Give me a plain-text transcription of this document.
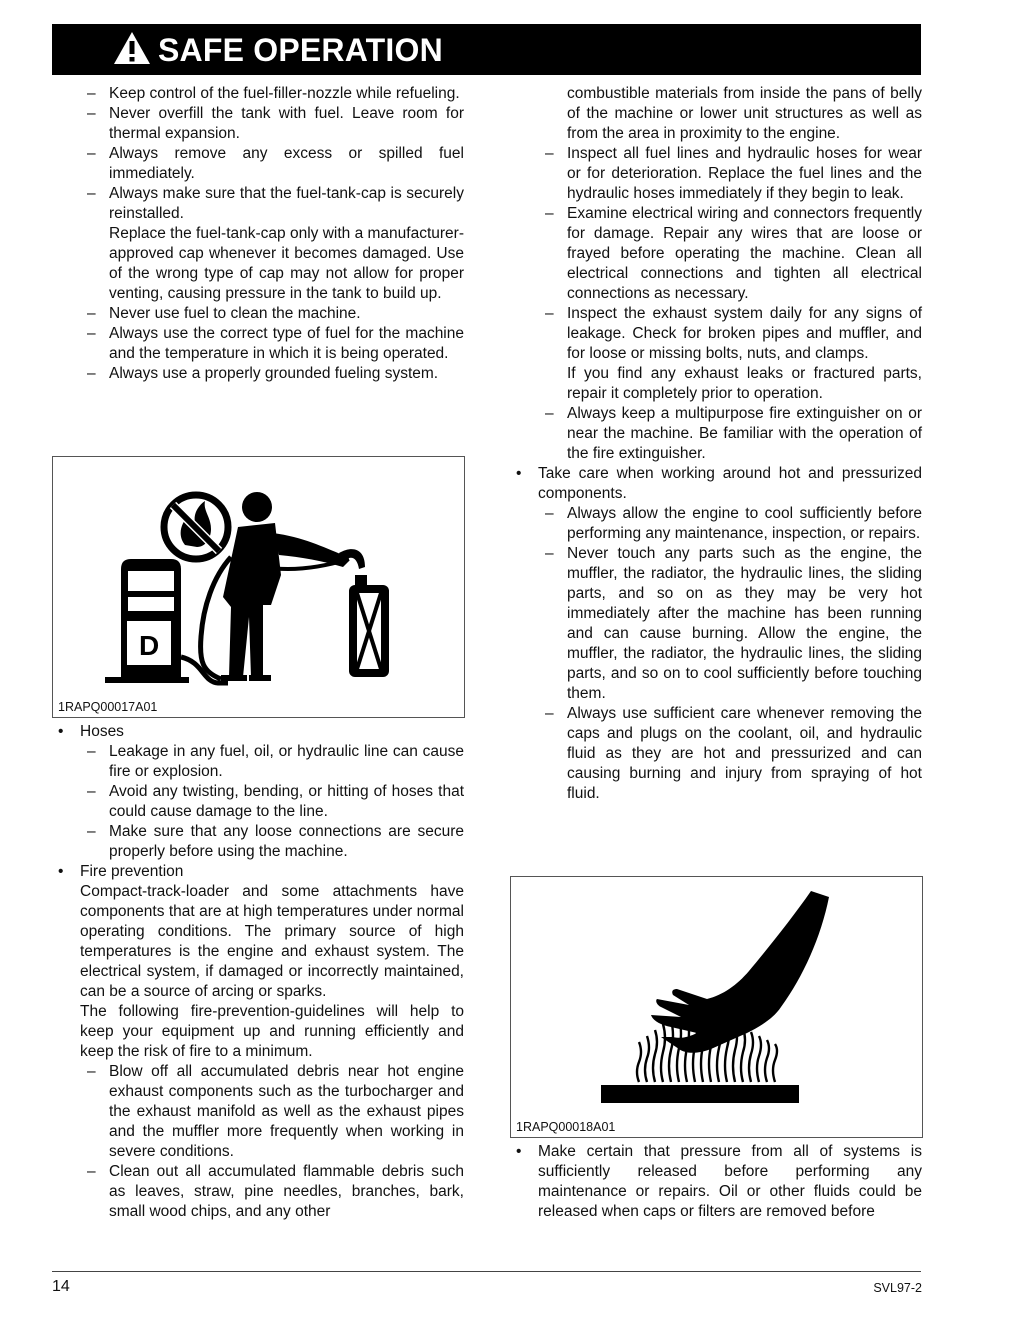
SAFE OPERATION
– Keep control of the fuel-filler-nozzle while refueling.
– Never overfill the tank with fuel. Leave room for thermal expansion.
– Always remove any excess or spilled fuel immediately.
– Always make sure that the fuel-tank-cap is securely reinstalled.
Replace the fuel-tank-cap only with a manufacturer-approved cap whenever it becomes damaged. Use of the wrong type of cap may not allow for proper venting, causing pressure in the tank to build up.
– Never use fuel to clean the machine.
– Always use the correct type of fuel for the machine and the temperature in which it is being operated.
– Always use a properly grounded fueling system.
D
1RAPQ00017A01
• Hoses
– Leakage in any fuel, oil, or hydraulic line can cause fire or explosion.
– Avoid any twisting, bending, or hitting of hoses that could cause damage to the line.
– Make sure that any loose connections are secure properly before using the machine.
• Fire prevention
Compact-track-loader and some attachments have components that are at high temperatures under normal operating conditions. The primary source of high temperatures is the engine and exhaust system. The electrical system, if damaged or incorrectly maintained, can be a source of arcing or sparks.
The following fire-prevention-guidelines will help to keep your equipment up and running efficiently and keep the risk of fire to a minimum.
– Blow off all accumulated debris near hot engine exhaust components such as the turbocharger and the exhaust manifold as well as the exhaust pipes and the muffler more frequently when working in severe conditions.
– Clean out all accumulated flammable debris such as leaves, straw, pine needles, branches, bark, small wood chips, and any other
combustible materials from inside the pans of belly of the machine or lower unit structures as well as from the area in proximity to the engine.
– Inspect all fuel lines and hydraulic hoses for wear or for deterioration. Replace the fuel lines and the hydraulic hoses immediately if they begin to leak.
– Examine electrical wiring and connectors frequently for damage. Repair any wires that are loose or frayed before operating the machine. Clean all electrical connections and tighten all electrical connections as necessary.
– Inspect the exhaust system daily for any signs of leakage. Check for broken pipes and muffler, and for loose or missing bolts, nuts, and clamps.
If you find any exhaust leaks or fractured parts, repair it completely prior to operation.
– Always keep a multipurpose fire extinguisher on or near the machine. Be familiar with the operation of the fire extinguisher.
• Take care when working around hot and pressurized components.
– Always allow the engine to cool sufficiently before performing any maintenance, inspection, or repairs.
– Never touch any parts such as the engine, the muffler, the radiator, the hydraulic lines, the sliding parts, and so on as they may be very hot immediately after the machine has been running and can cause burning. Allow the engine, the muffler, the radiator, the hydraulic lines, the sliding parts, and so on to cool sufficiently before touching them.
– Always use sufficient care whenever removing the caps and plugs on the coolant, oil, and hydraulic fluid as they are hot and pressurized and can causing burning and injury from spraying of hot fluid.
1RAPQ00018A01
• Make certain that pressure from all of systems is sufficiently released before performing any maintenance or repairs. Oil or other fluids could be released when caps or filters are removed before
14	SVL97-2
